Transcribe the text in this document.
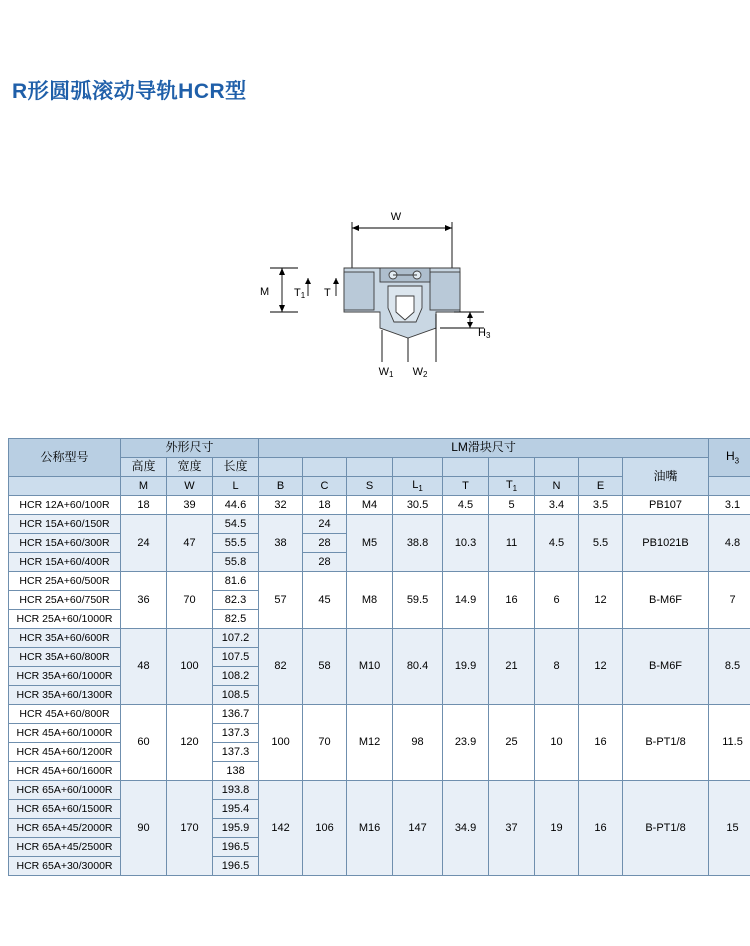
R形圆弧滚动导轨HCR型
W
M T1 T
H3
W1 W2
公称型号	外形尺寸			LM滑块尺寸									$H_3$
	高度	宽度	长度									油嘴	
	M	W	L	B	C	S	$L_1$	T	$T_1$	N	E		
HCR 12A+60/100R	18	39	44.6	32	18	M4	30.5	4.5	5	3.4	3.5	PB107	3.1
HCR 15A+60/150R	24	47	54.5	38	24	M5	38.8	10.3	11	4.5	5.5	PB1021B	4.8
HCR 15A+60/300R			55.5		28								
HCR 15A+60/400R			55.8		28								
HCR 25A+60/500R	36	70	81.6	57	45	M8	59.5	14.9	16	6	12	B-M6F	7
HCR 25A+60/750R			82.3										
HCR 25A+60/1000R			82.5										
HCR 35A+60/600R	48	100	107.2	82	58	M10	80.4	19.9	21	8	12	B-M6F	8.5
HCR 35A+60/800R			107.5										
HCR 35A+60/1000R			108.2										
HCR 35A+60/1300R			108.5										
HCR 45A+60/800R	60	120	136.7	100	70	M12	98	23.9	25	10	16	B-PT1/8	11.5
HCR 45A+60/1000R			137.3										
HCR 45A+60/1200R			137.3										
HCR 45A+60/1600R			138										
HCR 65A+60/1000R	90	170	193.8	142	106	M16	147	34.9	37	19	16	B-PT1/8	15
HCR 65A+60/1500R			195.4										
HCR 65A+45/2000R			195.9										
HCR 65A+45/2500R			196.5										
HCR 65A+30/3000R			196.5										
